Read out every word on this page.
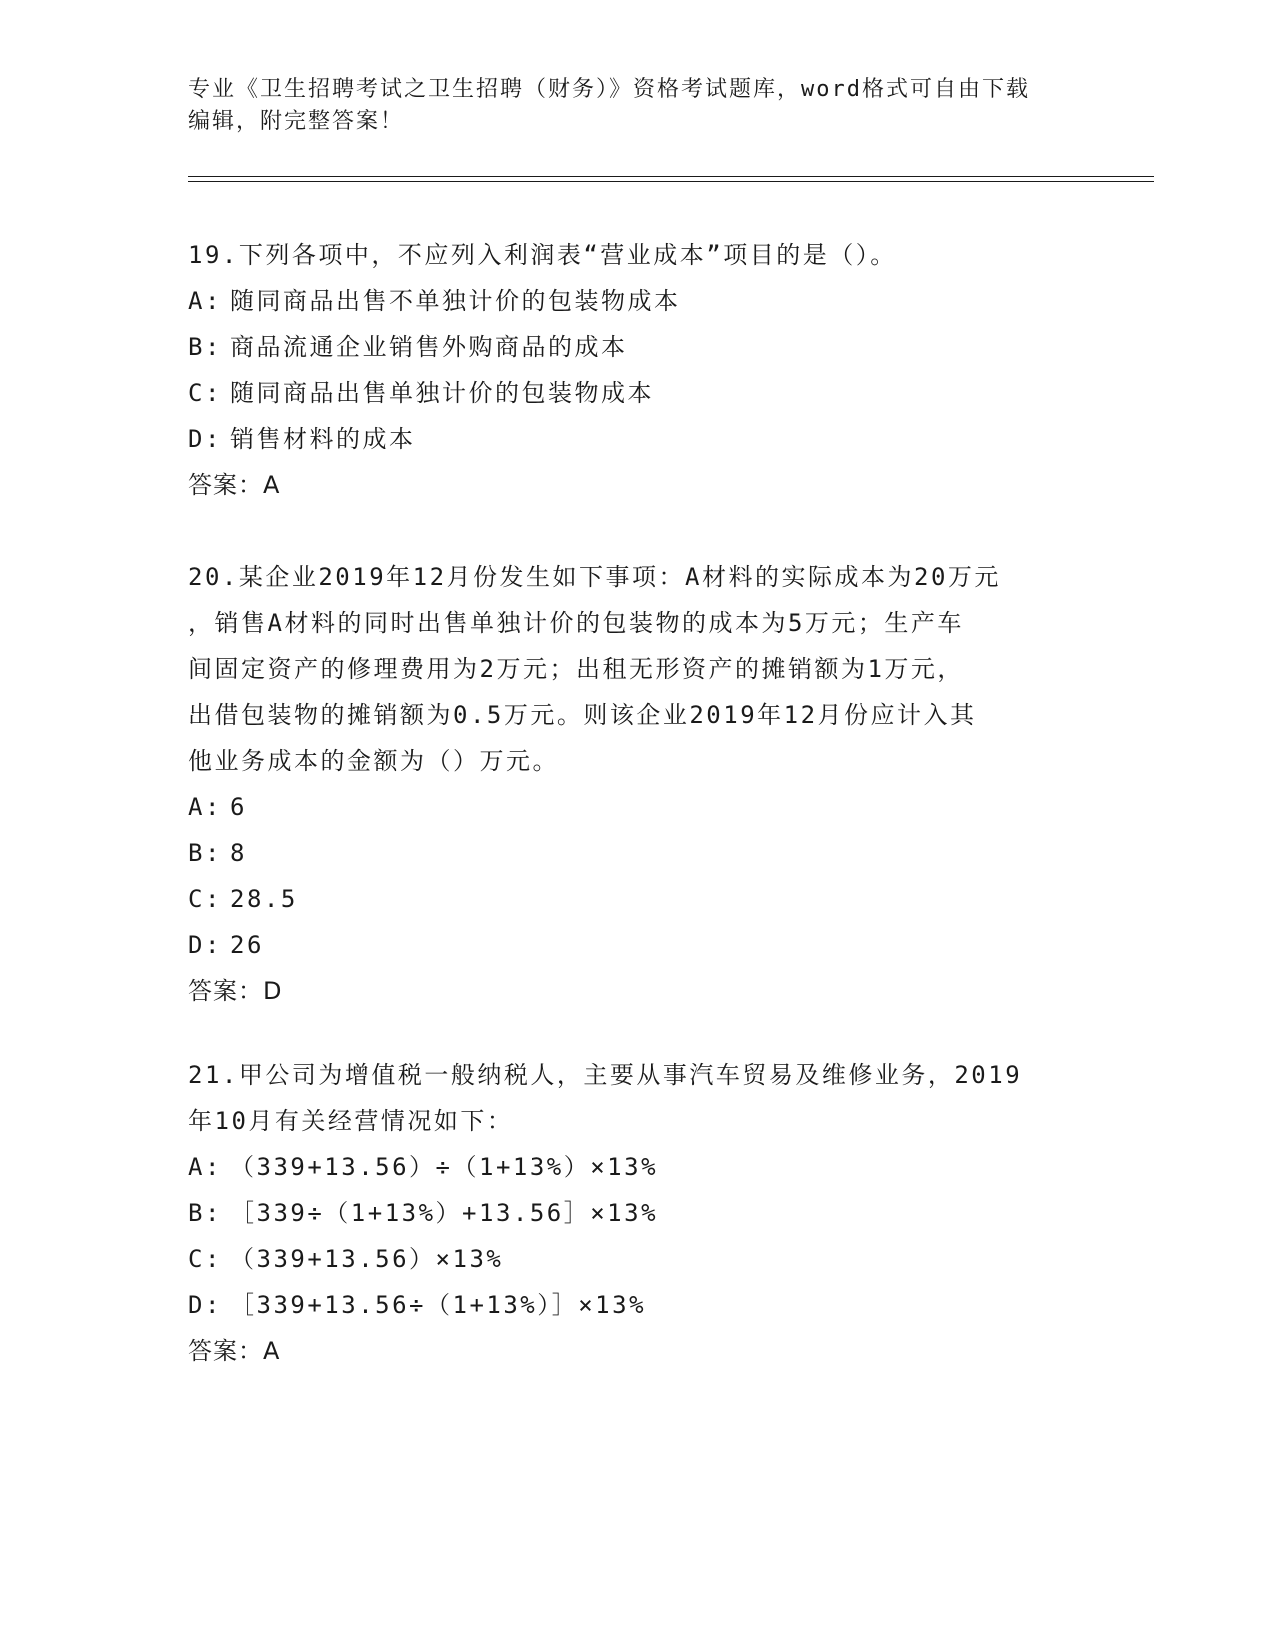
专业《卫生招聘考试之卫生招聘（财务）》资格考试题库，word格式可自由下载
编辑，附完整答案！
19.下列各项中，不应列入利润表“营业成本”项目的是（）。
A: 随同商品出售不单独计价的包装物成本
B: 商品流通企业销售外购商品的成本
C: 随同商品出售单独计价的包装物成本
D: 销售材料的成本
答案：A
20.某企业2019年12月份发生如下事项：A材料的实际成本为20万元
，销售A材料的同时出售单独计价的包装物的成本为5万元；生产车
间固定资产的修理费用为2万元；出租无形资产的摊销额为1万元，
出借包装物的摊销额为0.5万元。则该企业2019年12月份应计入其
他业务成本的金额为（）万元。
A: 6
B: 8
C: 28.5
D: 26
答案：D
21.甲公司为增值税一般纳税人，主要从事汽车贸易及维修业务，2019
年10月有关经营情况如下：
A: （339+13.56）÷（1+13%）×13%
B: ［339÷（1+13%）+13.56］×13%
C: （339+13.56）×13%
D: ［339+13.56÷（1+13%）］×13%
答案：A
